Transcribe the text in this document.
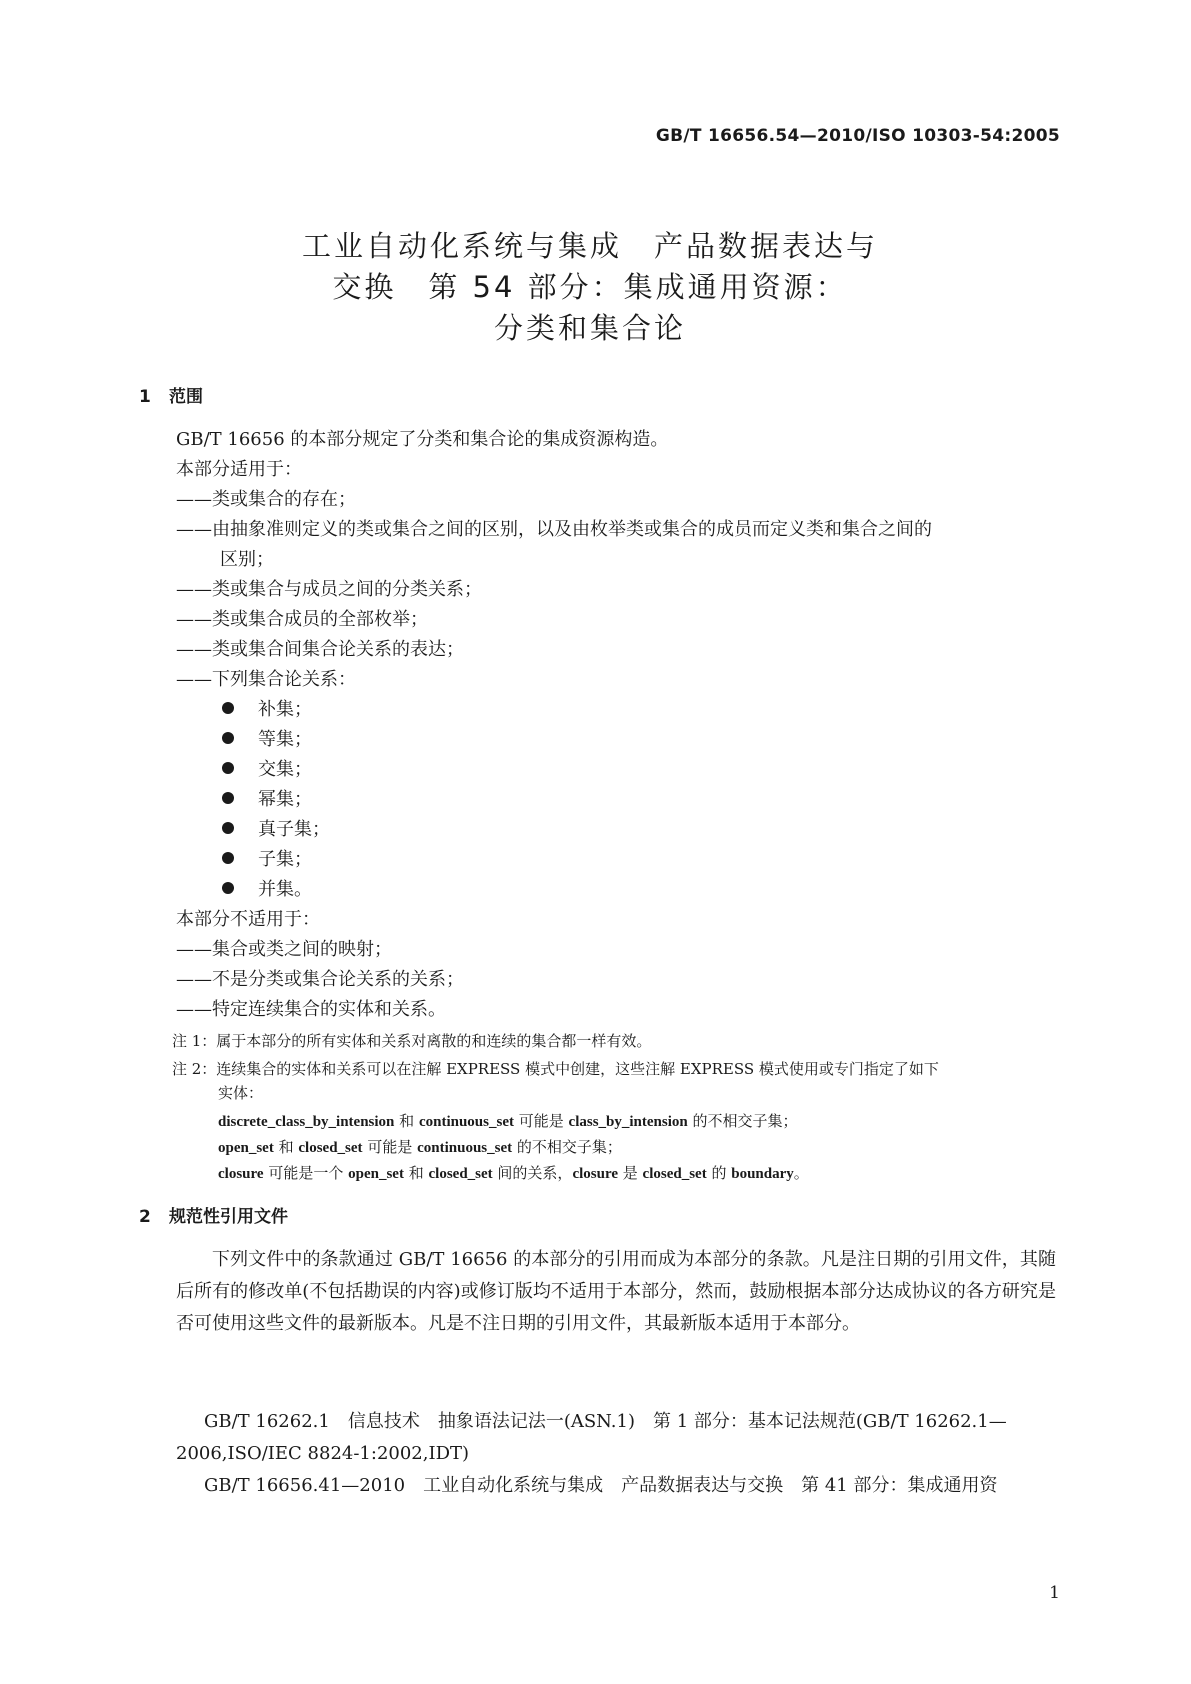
GB/T 16656.54—2010/ISO 10303-54:2005
工业自动化系统与集成　产品数据表达与
交换　第 54 部分：集成通用资源：
分类和集合论
1 范围
GB/T 16656 的本部分规定了分类和集合论的集成资源构造。
本部分适用于：
——类或集合的存在；
——由抽象准则定义的类或集合之间的区别，以及由枚举类或集合的成员而定义类和集合之间的
区别；
——类或集合与成员之间的分类关系；
——类或集合成员的全部枚举；
——类或集合间集合论关系的表达；
——下列集合论关系：
补集；
等集；
交集；
幂集；
真子集；
子集；
并集。
本部分不适用于：
——集合或类之间的映射；
——不是分类或集合论关系的关系；
——特定连续集合的实体和关系。
注 1：属于本部分的所有实体和关系对离散的和连续的集合都一样有效。
注 2：连续集合的实体和关系可以在注解 EXPRESS 模式中创建，这些注解 EXPRESS 模式使用或专门指定了如下
实体：
discrete_class_by_intension 和 continuous_set 可能是 class_by_intension 的不相交子集；
open_set 和 closed_set 可能是 continuous_set 的不相交子集；
closure 可能是一个 open_set 和 closed_set 间的关系，closure 是 closed_set 的 boundary。
2 规范性引用文件
下列文件中的条款通过 GB/T 16656 的本部分的引用而成为本部分的条款。凡是注日期的引用文件，其随后所有的修改单(不包括勘误的内容)或修订版均不适用于本部分，然而，鼓励根据本部分达成协议的各方研究是否可使用这些文件的最新版本。凡是不注日期的引用文件，其最新版本适用于本部分。
GB/T 16262.1　信息技术　抽象语法记法一(ASN.1)　第 1 部分：基本记法规范(GB/T 16262.1—
2006,ISO/IEC 8824-1:2002,IDT)
GB/T 16656.41—2010　工业自动化系统与集成　产品数据表达与交换　第 41 部分：集成通用资
1
